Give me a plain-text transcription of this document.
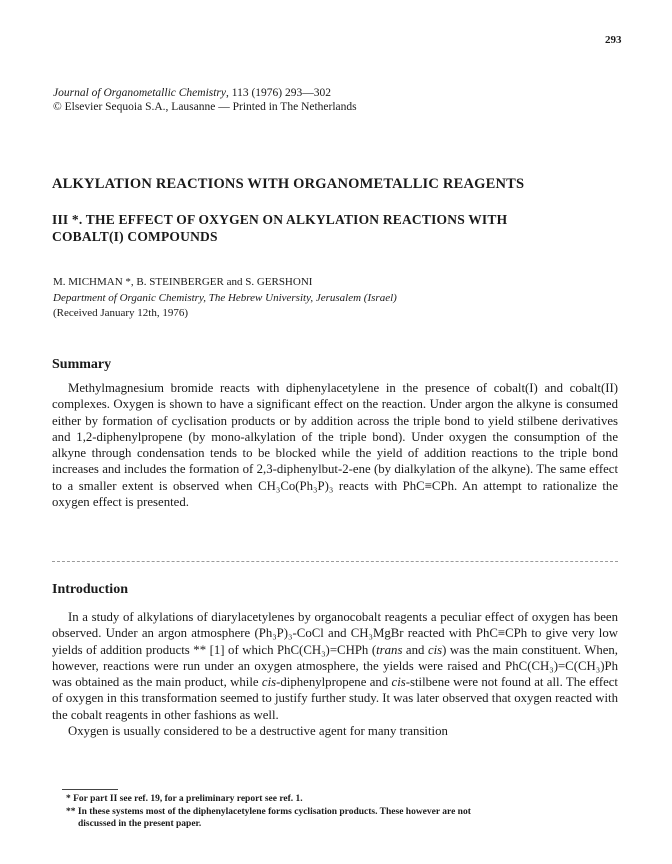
293
Journal of Organometallic Chemistry, 113 (1976) 293—302
© Elsevier Sequoia S.A., Lausanne — Printed in The Netherlands
ALKYLATION REACTIONS WITH ORGANOMETALLIC REAGENTS
III *. THE EFFECT OF OXYGEN ON ALKYLATION REACTIONS WITH
COBALT(I) COMPOUNDS
M. MICHMAN *, B. STEINBERGER and S. GERSHONI
Department of Organic Chemistry, The Hebrew University, Jerusalem (Israel)
(Received January 12th, 1976)
Summary

Methylmagnesium bromide reacts with diphenylacetylene in the presence of cobalt(I) and cobalt(II) complexes. Oxygen is shown to have a significant effect on the reaction. Under argon the alkyne is consumed either by formation of cyclisation products or by addition across the triple bond to yield stilbene derivatives and 1,2-diphenylpropene (by mono-alkylation of the triple bond). Under oxygen the consumption of the alkyne through condensation tends to be blocked while the yield of addition reactions to the triple bond increases and includes the formation of 2,3-diphenylbut-2-ene (by dialkylation of the alkyne). The same effect to a smaller extent is observed when CH₃Co(Ph₃P)₃ reacts with PhC≡CPh. An attempt to rationalize the oxygen effect is presented.

Introduction
In a study of alkylations of diarylacetylenes by organocobalt reagents a peculiar effect of oxygen has been observed. Under an argon atmosphere (Ph₃P)₃-CoCl and CH₃MgBr reacted with PhC≡CPh to give very low yields of addition products ** [1] of which PhC(CH₃)=CHPh (trans and cis) was the main constituent. When, however, reactions were run under an oxygen atmosphere, the yields were raised and PhC(CH₃)=C(CH₃)Ph was obtained as the main product, while cis-diphenylpropene and cis-stilbene were not found at all. The effect of oxygen in this transformation seemed to justify further study. It was later observed that oxygen reacted with the cobalt reagents in other fashions as well.
Oxygen is usually considered to be a destructive agent for many transition
* For part II see ref. 19, for a preliminary report see ref. 1.
** In these systems most of the diphenylacetylene forms cyclisation products. These however are not
discussed in the present paper.
